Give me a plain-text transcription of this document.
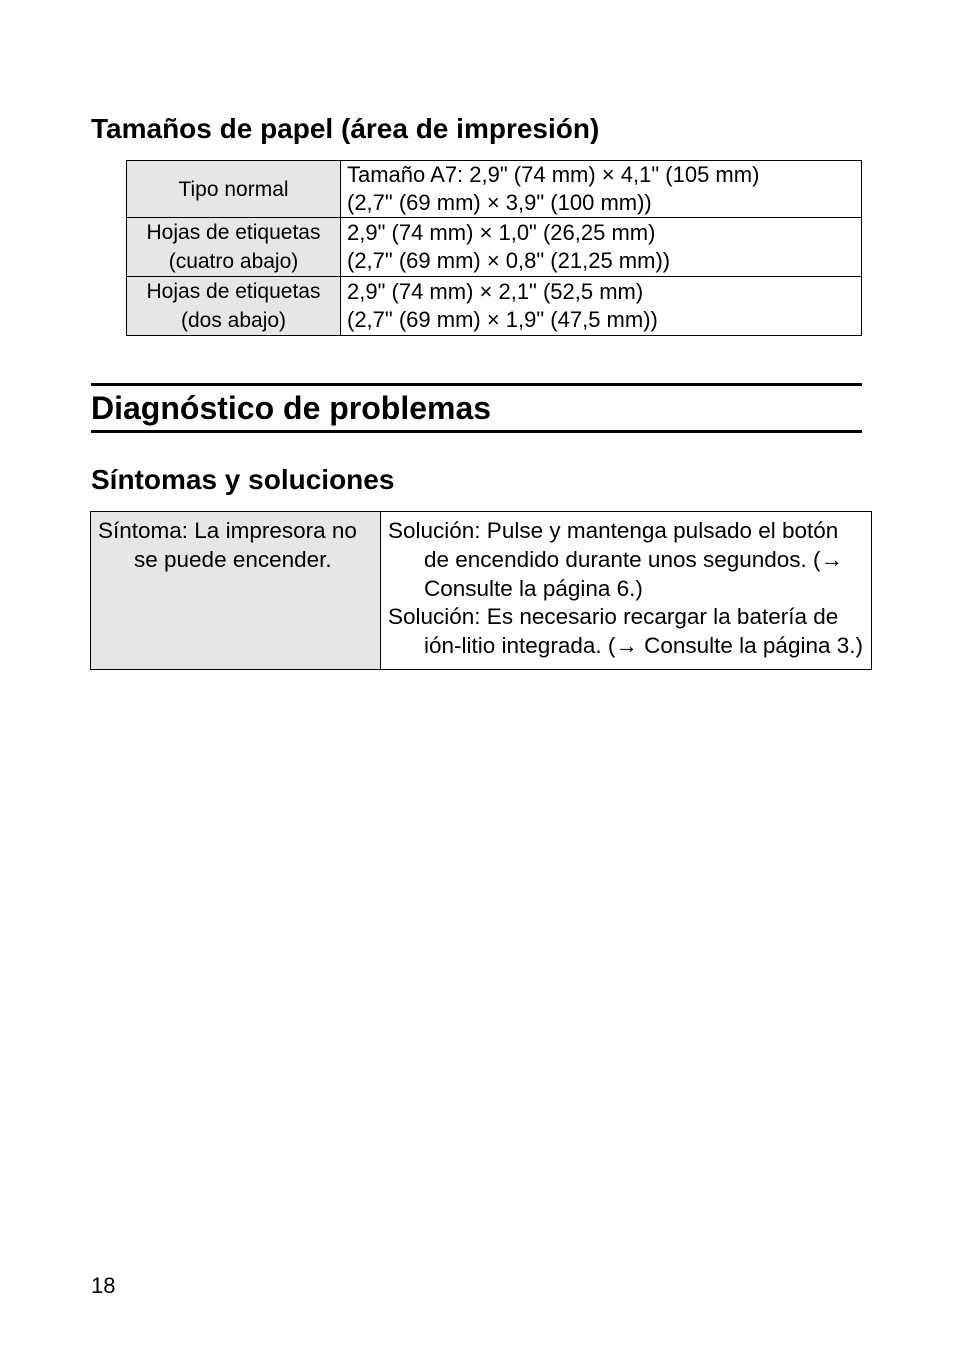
Tamaños de papel (área de impresión)
Tipo normal	Tamaño A7: 2,9" (74 mm) × 4,1" (105 mm)
(2,7" (69 mm) × 3,9" (100 mm))

Hojas de etiquetas (cuatro abajo)	2,9" (74 mm) × 1,0" (26,25 mm)
(2,7" (69 mm) × 0,8" (21,25 mm))

Hojas de etiquetas (dos abajo)	2,9" (74 mm) × 2,1" (52,5 mm)
(2,7" (69 mm) × 1,9" (47,5 mm))
Diagnóstico de problemas
Síntomas y soluciones

Síntoma: La impresora no se puede encender.

Solución: Pulse y mantenga pulsado el botón de encendido durante unos segundos. (→ Consulte la página 6.)

Solución: Es necesario recargar la batería de ión-litio integrada. (→ Consulte la página 3.)

18
